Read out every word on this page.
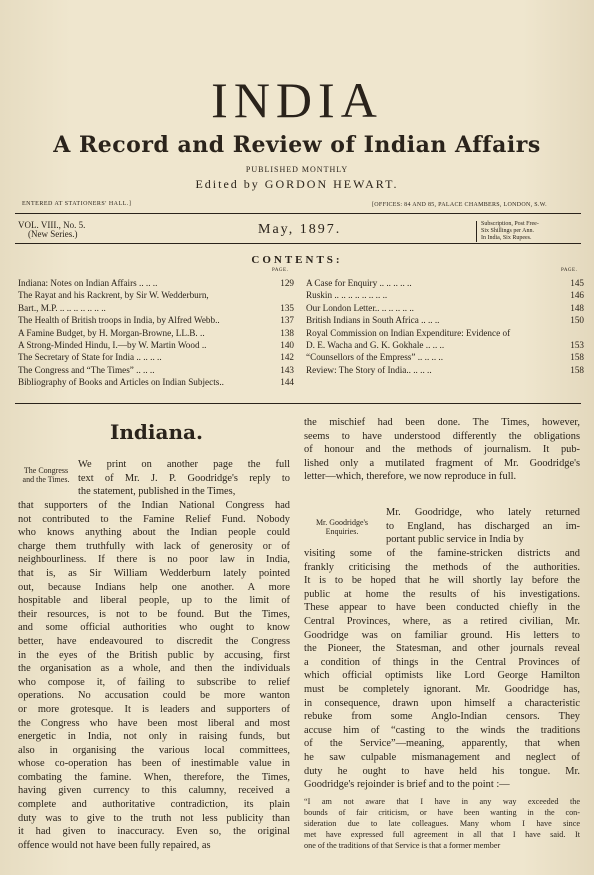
INDIA
A Record and Review of Indian Affairs
PUBLISHED MONTHLY
Edited by GORDON HEWART.
ENTERED AT STATIONERS' HALL.]	[OFFICES: 84 AND 85, PALACE CHAMBERS, LONDON, S.W.
VOL. VIII., No. 5.
(New Series.)	May, 1897.	Subscription, Post Free-
Six Shillings per Ann.
In India, Six Rupees.
CONTENTS:
PAGE.	PAGE.
Indiana: Notes on Indian Affairs .. .. ..	129
The Rayat and his Rackrent, by Sir W. Wedderburn,
Bart., M.P. .. .. .. .. .. .. ..	135
The Health of British troops in India, by Alfred Webb..	137
A Famine Budget, by H. Morgan-Browne, LL.B. ..	138
A Strong-Minded Hindu, I.—by W. Martin Wood ..	140
The Secretary of State for India .. .. .. ..	142
The Congress and “The Times” .. .. ..	143
Bibliography of Books and Articles on Indian Subjects..	144
A Case for Enquiry .. .. .. .. ..	145
Ruskin .. .. .. .. .. .. .. ..	146
Our London Letter.. .. .. .. .. ..	148
British Indians in South Africa .. .. ..	150
Royal Commission on Indian Expenditure: Evidence of
D. E. Wacha and G. K. Gokhale .. .. ..	153
“Counsellors of the Empress” .. .. .. ..	158
Review: The Story of India.. .. .. ..	158
Indiana.
The Congress
and the Times.
We print on another page the full
text of Mr. J. P. Goodridge's reply to
the statement, published in the Times,
that supporters of the Indian National Congress had
not contributed to the Famine Relief Fund. Nobody
who knows anything about the Indian people could
charge them truthfully with lack of generosity or of
neighbourliness. If there is no poor law in India,
that is, as Sir William Wedderburn lately pointed
out, because Indians help one another. A more
hospitable and liberal people, up to the limit of
their resources, is not to be found. But the Times,
and some official authorities who ought to know
better, have endeavoured to discredit the Congress
in the eyes of the British public by accusing, first
the organisation as a whole, and then the individuals
who compose it, of failing to subscribe to relief
operations. No accusation could be more wanton
or more grotesque. It is leaders and supporters of
the Congress who have been most liberal and most
energetic in India, not only in raising funds, but
also in organising the various local committees,
whose co-operation has been of inestimable value in
combating the famine. When, therefore, the Times,
having given currency to this calumny, received a
complete and authoritative contradiction, its plain
duty was to give to the truth not less publicity than
it had given to inaccuracy. Even so, the original
offence would not have been fully repaired, as
the mischief had been done. The Times, however,
seems to have understood differently the obligations
of honour and the methods of journalism. It pub-
lished only a mutilated fragment of Mr. Goodridge's
letter—which, therefore, we now reproduce in full.
Mr. Goodridge's
Enquiries.
Mr. Goodridge, who lately returned
to England, has discharged an im-
portant public service in India by
visiting some of the famine-stricken districts and
frankly criticising the methods of the authorities.
It is to be hoped that he will shortly lay before the
public at home the results of his investigations.
These appear to have been conducted chiefly in the
Central Provinces, where, as a retired civilian, Mr.
Goodridge was on familiar ground. His letters to
the Pioneer, the Statesman, and other journals reveal
a condition of things in the Central Provinces of
which official optimists like Lord George Hamilton
must be completely ignorant. Mr. Goodridge has,
in consequence, drawn upon himself a characteristic
rebuke from some Anglo-Indian censors. They
accuse him of “casting to the winds the traditions
of the Service”—meaning, apparently, that when
he saw culpable mismanagement and neglect of
duty he ought to have held his tongue. Mr.
Goodridge's rejoinder is brief and to the point :—
“I am not aware that I have in any way exceeded the
bounds of fair criticism, or have been wanting in the con-
sideration due to late colleagues. Many whom I have since
met have expressed full agreement in all that I have said. It
one of the traditions of that Service is that a former member
